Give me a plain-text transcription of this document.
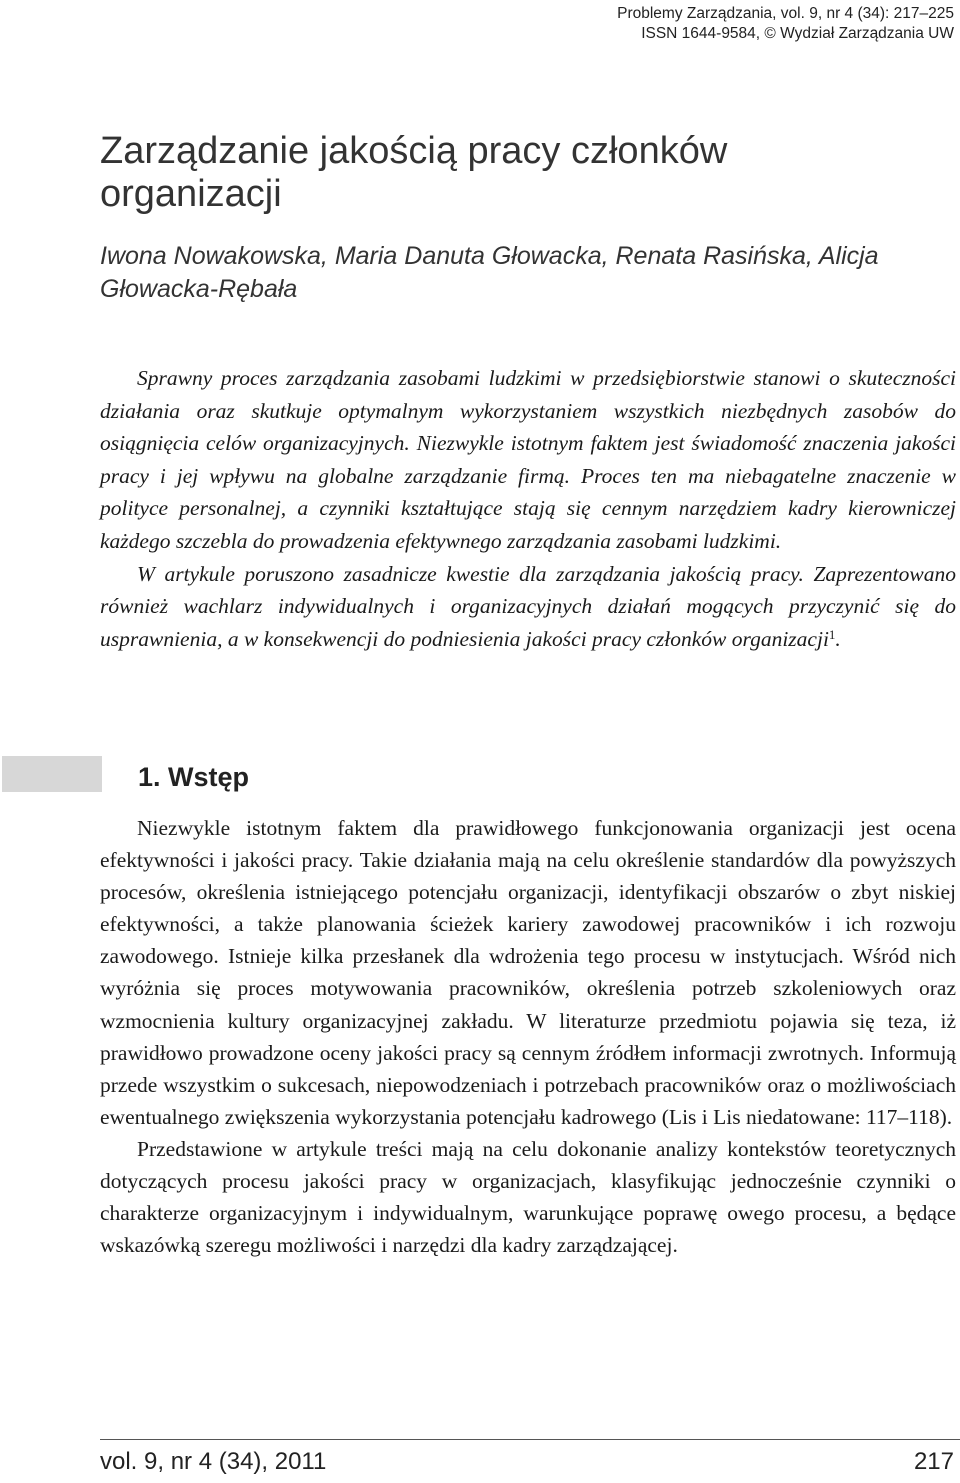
Problemy Zarządzania, vol. 9, nr 4 (34): 217–225
ISSN 1644-9584, © Wydział Zarządzania UW
Zarządzanie jakością pracy członków organizacji
Iwona Nowakowska, Maria Danuta Głowacka, Renata Rasińska, Alicja Głowacka-Rębała

Sprawny proces zarządzania zasobami ludzkimi w przedsiębiorstwie stanowi o skuteczności działania oraz skutkuje optymalnym wykorzystaniem wszystkich niezbędnych zasobów do osiągnięcia celów organizacyjnych. Niezwykle istotnym faktem jest świadomość znaczenia jakości pracy i jej wpływu na globalne zarządzanie firmą. Proces ten ma niebagatelne znaczenie w polityce personalnej, a czynniki kształtujące stają się cennym narzędziem kadry kierowniczej każdego szczebla do prowadzenia efektywnego zarządzania zasobami ludzkimi.

W artykule poruszono zasadnicze kwestie dla zarządzania jakością pracy. Zaprezentowano również wachlarz indywidualnych i organizacyjnych działań mogących przyczynić się do usprawnienia, a w konsekwencji do podniesienia jakości pracy członków organizacji$^1$.

1. Wstęp

Niezwykle istotnym faktem dla prawidłowego funkcjonowania organizacji jest ocena efektywności i jakości pracy. Takie działania mają na celu określenie standardów dla powyższych procesów, określenia istniejącego potencjału organizacji, identyfikacji obszarów o zbyt niskiej efektywności, a także planowania ścieżek kariery zawodowej pracowników i ich rozwoju zawodowego. Istnieje kilka przesłanek dla wdrożenia tego procesu w instytucjach. Wśród nich wyróżnia się proces motywowania pracowników, określenia potrzeb szkoleniowych oraz wzmocnienia kultury organizacyjnej zakładu. W literaturze przedmiotu pojawia się teza, iż prawidłowo prowadzone oceny jakości pracy są cennym źródłem informacji zwrotnych. Informują przede wszystkim o sukcesach, niepowodzeniach i potrzebach pracowników oraz o możliwościach ewentualnego zwiększenia wykorzystania potencjału kadrowego (Lis i Lis niedatowane: 117–118).

Przedstawione w artykule treści mają na celu dokonanie analizy kontekstów teoretycznych dotyczących procesu jakości pracy w organizacjach, klasyfikując jednocześnie czynniki o charakterze organizacyjnym i indywidualnym, warunkujące poprawę owego procesu, a będące wskazówką szeregu możliwości i narzędzi dla kadry zarządzającej.

vol. 9, nr 4 (34), 2011	217
